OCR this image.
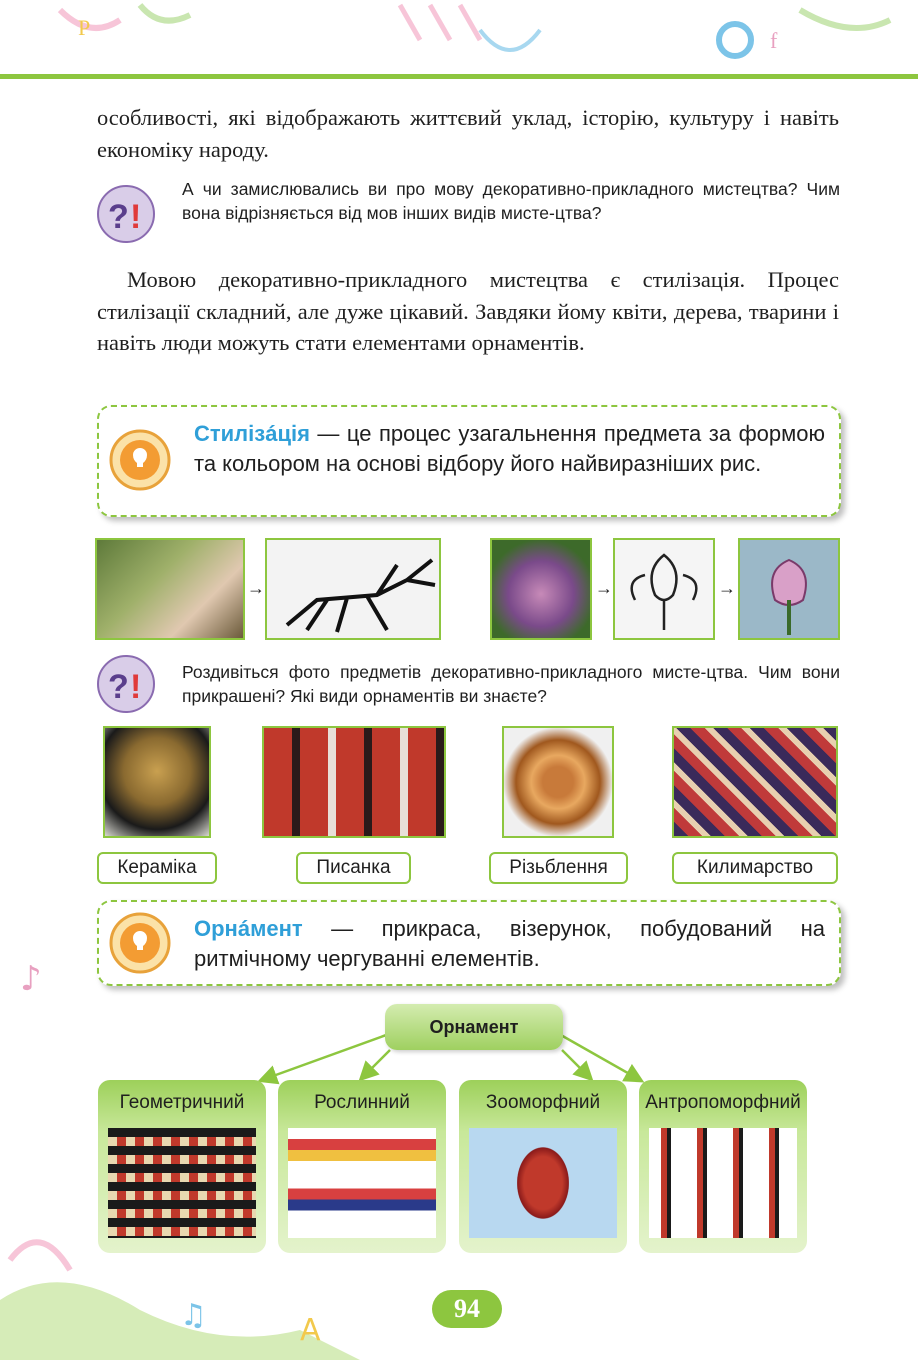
P
f
особливості, які відображають життєвий уклад, історію, культуру і навіть економіку народу.
? !
А чи замислювались ви про мову декоративно-прикладного мистецтва? Чим вона відрізняється від мов інших видів мисте-цтва?
Мовою декоративно-прикладного мистецтва є стилізація. Процес стилізації складний, але дуже цікавий. Завдяки йому квіти, дерева, тварини і навіть люди можуть стати елементами орнаментів.
Стилізáція — це процес узагальнення предмета за формою та кольором на основі відбору його найвиразніших рис.
→	→	→
? ! Роздивіться фото предметів декоративно-прикладного мисте-цтва. Чим вони прикрашені? Які види орнаментів ви знаєте?
Кераміка	Писанка	Різьблення	Килимарство
Орнáмент — прикраса, візерунок, побудований на ритмічному чергуванні елементів.
Орнамент
Геометричний	Рослинний	Зооморфний	Антропоморфний
♫	A
♪
94
